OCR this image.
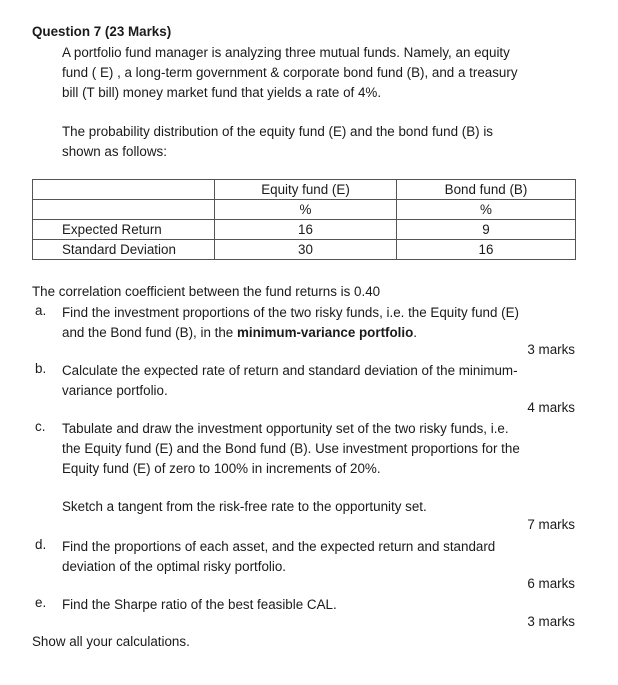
Question 7 (23 Marks)
A portfolio fund manager is analyzing three mutual funds. Namely, an equity
fund ( E) , a long-term government & corporate bond fund (B), and a treasury
bill (T bill) money market fund that yields a rate of 4%.
The probability distribution of the equity fund (E) and the bond fund (B) is
shown as follows:
	Equity fund (E)	Bond fund (B)
	%	%
Expected Return	16	9
Standard Deviation	30	16
The correlation coefficient between the fund returns is 0.40
a. Find the investment proportions of the two risky funds, i.e. the Equity fund (E)
and the Bond fund (B), in the minimum-variance portfolio.
3 marks
b. Calculate the expected rate of return and standard deviation of the minimum-
variance portfolio.
4 marks
c. Tabulate and draw the investment opportunity set of the two risky funds, i.e.
the Equity fund (E) and the Bond fund (B). Use investment proportions for the
Equity fund (E) of zero to 100% in increments of 20%.
Sketch a tangent from the risk-free rate to the opportunity set.
7 marks
d. Find the proportions of each asset, and the expected return and standard
deviation of the optimal risky portfolio.
6 marks
e. Find the Sharpe ratio of the best feasible CAL.
3 marks
Show all your calculations.
